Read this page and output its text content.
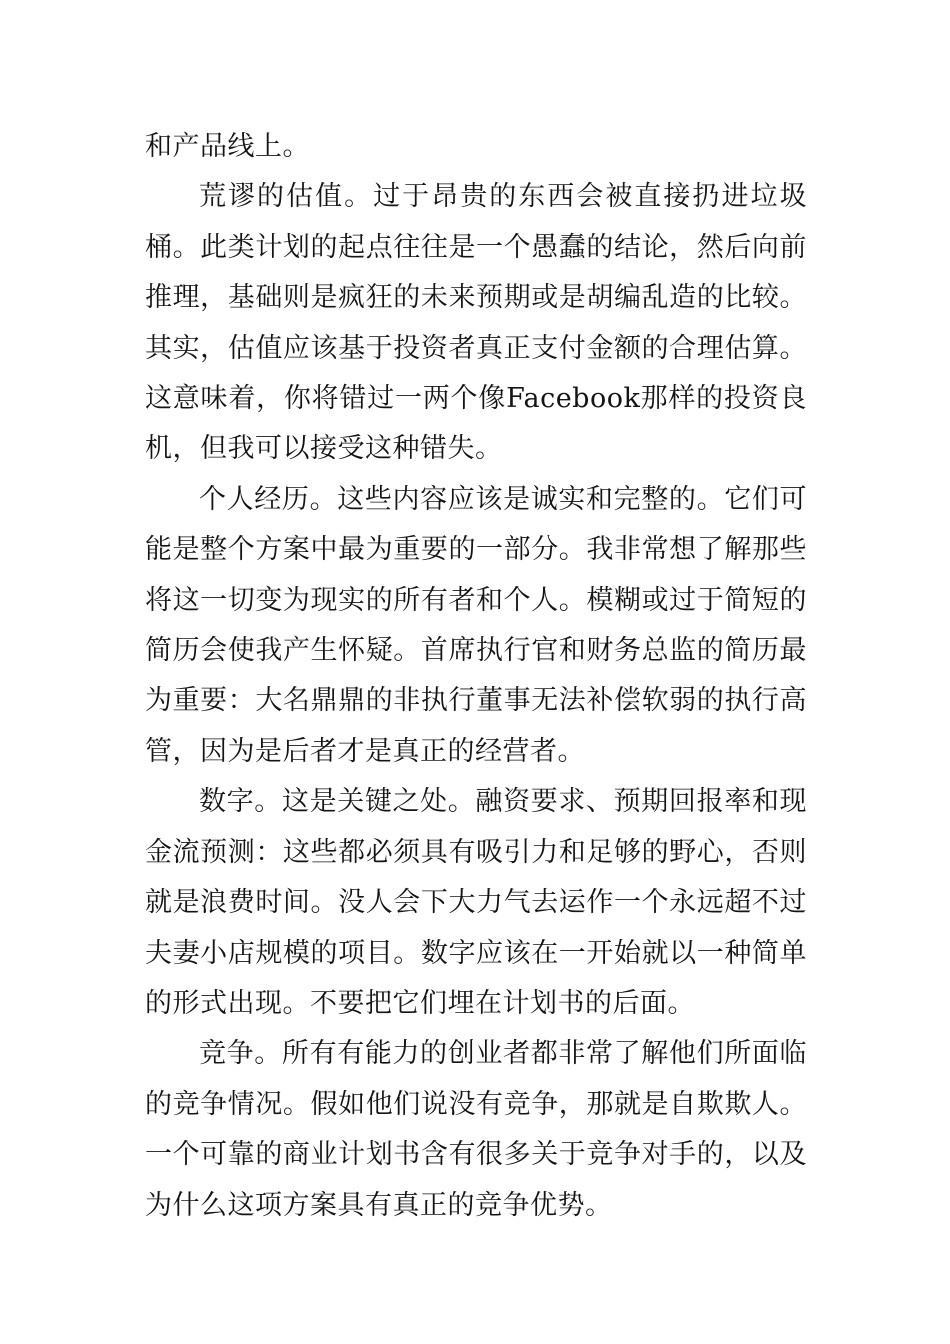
和产品线上。

荒谬的估值。过于昂贵的东西会被直接扔进垃圾桶。此类计划的起点往往是一个愚蠢的结论，然后向前推理，基础则是疯狂的未来预期或是胡编乱造的比较。其实，估值应该基于投资者真正支付金额的合理估算。这意味着，你将错过一两个像Facebook那样的投资良机，但我可以接受这种错失。

个人经历。这些内容应该是诚实和完整的。它们可能是整个方案中最为重要的一部分。我非常想了解那些将这一切变为现实的所有者和个人。模糊或过于简短的简历会使我产生怀疑。首席执行官和财务总监的简历最为重要：大名鼎鼎的非执行董事无法补偿软弱的执行高管，因为是后者才是真正的经营者。

数字。这是关键之处。融资要求、预期回报率和现金流预测：这些都必须具有吸引力和足够的野心，否则就是浪费时间。没人会下大力气去运作一个永远超不过夫妻小店规模的项目。数字应该在一开始就以一种简单的形式出现。不要把它们埋在计划书的后面。

竞争。所有有能力的创业者都非常了解他们所面临的竞争情况。假如他们说没有竞争，那就是自欺欺人。一个可靠的商业计划书含有很多关于竞争对手的，以及为什么这项方案具有真正的竞争优势。
